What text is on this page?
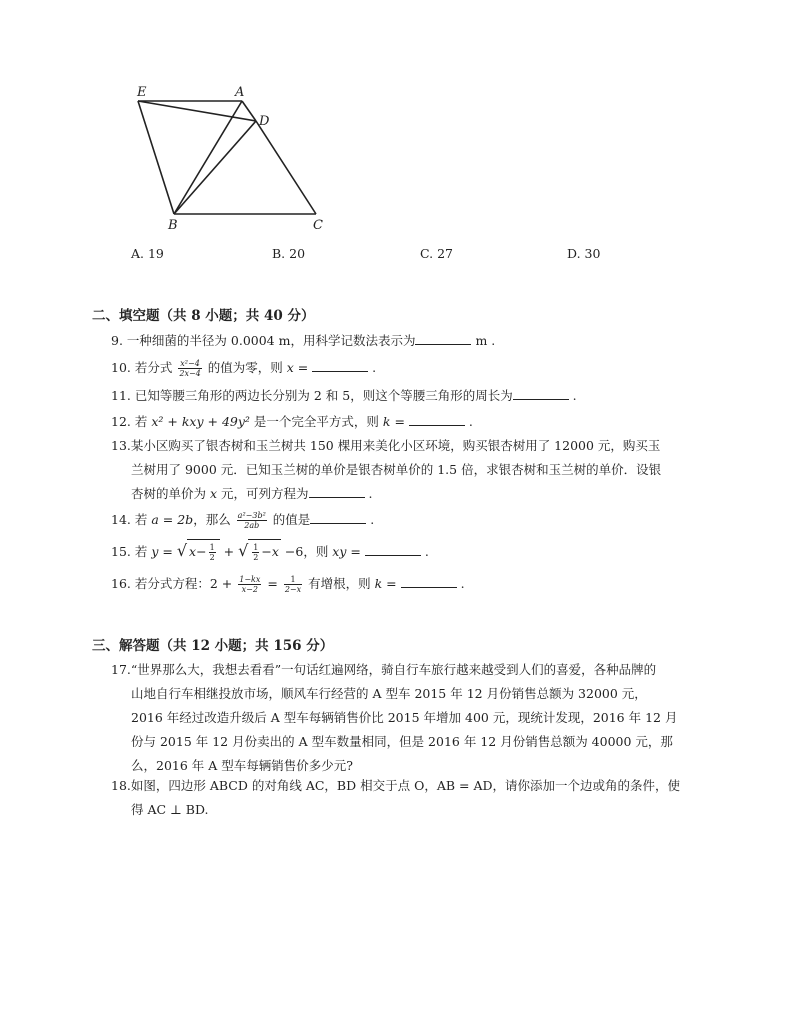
E	A
D
B	C
A. 19	B. 20	C. 27	D. 30
二、填空题（共 8 小题；共 40 分）
9. 一种细菌的半径为 0.0004 m，用科学记数法表示为	m .
10. 若分式 $\frac{\text{x²−4}}{2x-4}$ 的值为零，则 x =	.
11. 已知等腰三角形的两边长分别为 2 和 5，则这个等腰三角形的周长为	.
12. 若 x² + kxy + 49y² 是一个完全平方式，则 k =	.
13.某小区购买了银杏树和玉兰树共 150 棵用来美化小区环境，购买银杏树用了 12000 元，购买玉
兰树用了 9000 元．已知玉兰树的单价是银杏树单价的 1.5 倍，求银杏树和玉兰树的单价．设银
杏树的单价为 x 元，可列方程为	.
14. 若 a = 2b，那么 $\frac{\text{a²−3b²}}{2ab}$ 的值是	.
15. 若 y = √ $x- \frac{1}{2}$ + √ $\frac{1}{2} -x -6$，则 xy =	.
16. 若分式方程：$2 + \frac{1-kx}{x-2} = \frac{1}{2-x}$ 有增根，则 k =	.
三、解答题（共 12 小题；共 156 分）
17.“世界那么大，我想去看看”一句话红遍网络，骑自行车旅行越来越受到人们的喜爱，各种品牌的
山地自行车相继投放市场，顺风车行经营的 A 型车 2015 年 12 月份销售总额为 32000 元，
2016 年经过改造升级后 A 型车每辆销售价比 2015 年增加 400 元，现统计发现，2016 年 12 月
份与 2015 年 12 月份卖出的 A 型车数量相同，但是 2016 年 12 月份销售总额为 40000 元，那
么，2016 年 A 型车每辆销售价多少元?
18.如图，四边形 ABCD 的对角线 AC，BD 相交于点 O，AB = AD，请你添加一个边或角的条件，使
得 AC ⊥ BD.
